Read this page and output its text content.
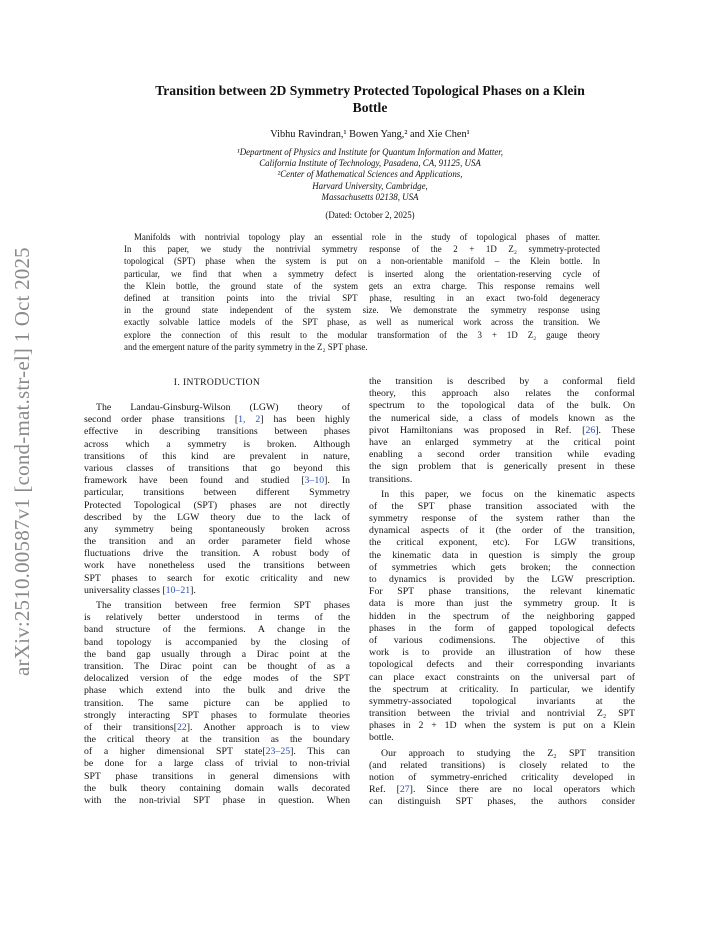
arXiv:2510.00587v1 [cond-mat.str-el] 1 Oct 2025
Transition between 2D Symmetry Protected Topological Phases on a Klein
Bottle
Vibhu Ravindran,¹ Bowen Yang,² and Xie Chen¹
¹Department of Physics and Institute for Quantum Information and Matter,
California Institute of Technology, Pasadena, CA, 91125, USA
²Center of Mathematical Sciences and Applications,
Harvard University, Cambridge,
Massachusetts 02138, USA
(Dated: October 2, 2025)
Manifolds with nontrivial topology play an essential role in the study of topological phases of matter.
In this paper, we study the nontrivial symmetry response of the 2 + 1D Z₂ symmetry-protected
topological (SPT) phase when the system is put on a non-orientable manifold – the Klein bottle. In
particular, we find that when a symmetry defect is inserted along the orientation-reserving cycle of
the Klein bottle, the ground state of the system gets an extra charge. This response remains well
defined at transition points into the trivial SPT phase, resulting in an exact two-fold degeneracy
in the ground state independent of the system size. We demonstrate the symmetry response using
exactly solvable lattice models of the SPT phase, as well as numerical work across the transition. We
explore the connection of this result to the modular transformation of the 3 + 1D Z₂ gauge theory
and the emergent nature of the parity symmetry in the Z₂ SPT phase.
I. INTRODUCTION
The Landau-Ginsburg-Wilson (LGW) theory of
second order phase transitions [1, 2] has been highly
effective in describing transitions between phases
across which a symmetry is broken. Although
transitions of this kind are prevalent in nature,
various classes of transitions that go beyond this
framework have been found and studied [3–10]. In
particular, transitions between different Symmetry
Protected Topological (SPT) phases are not directly
described by the LGW theory due to the lack of
any symmetry being spontaneously broken across
the transition and an order parameter field whose
fluctuations drive the transition. A robust body of
work have nonetheless used the transitions between
SPT phases to search for exotic criticality and new
universality classes [10–21].
The transition between free fermion SPT phases
is relatively better understood in terms of the
band structure of the fermions. A change in the
band topology is accompanied by the closing of
the band gap usually through a Dirac point at the
transition. The Dirac point can be thought of as a
delocalized version of the edge modes of the SPT
phase which extend into the bulk and drive the
transition. The same picture can be applied to
strongly interacting SPT phases to formulate theories
of their transitions[22]. Another approach is to view
the critical theory at the transition as the boundary
of a higher dimensional SPT state[23–25]. This can
be done for a large class of trivial to non-trivial
SPT phase transitions in general dimensions with
the bulk theory containing domain walls decorated
with the non-trivial SPT phase in question. When
the transition is described by a conformal field
theory, this approach also relates the conformal
spectrum to the topological data of the bulk. On
the numerical side, a class of models known as the
pivot Hamiltonians was proposed in Ref. [26]. These
have an enlarged symmetry at the critical point
enabling a second order transition while evading
the sign problem that is generically present in these
transitions.
In this paper, we focus on the kinematic aspects
of the SPT phase transition associated with the
symmetry response of the system rather than the
dynamical aspects of it (the order of the transition,
the critical exponent, etc). For LGW transitions,
the kinematic data in question is simply the group
of symmetries which gets broken; the connection
to dynamics is provided by the LGW prescription.
For SPT phase transitions, the relevant kinematic
data is more than just the symmetry group. It is
hidden in the spectrum of the neighboring gapped
phases in the form of gapped topological defects
of various codimensions. The objective of this
work is to provide an illustration of how these
topological defects and their corresponding invariants
can place exact constraints on the universal part of
the spectrum at criticality. In particular, we identify
symmetry-associated topological invariants at the
transition between the trivial and nontrivial Z₂ SPT
phases in 2 + 1D when the system is put on a Klein
bottle.
Our approach to studying the Z₂ SPT transition
(and related transitions) is closely related to the
notion of symmetry-enriched criticality developed in
Ref. [27]. Since there are no local operators which
can distinguish SPT phases, the authors consider
